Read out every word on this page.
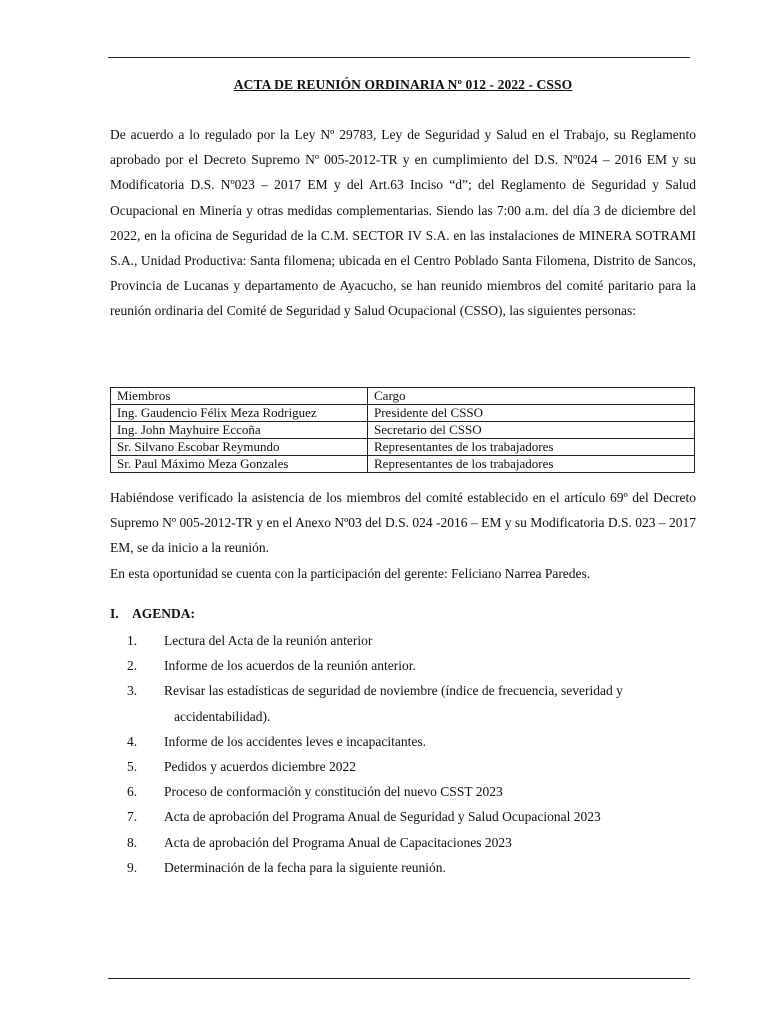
ACTA DE REUNIÓN ORDINARIA Nº 012 - 2022 - CSSO

De acuerdo a lo regulado por la Ley Nº 29783, Ley de Seguridad y Salud en el Trabajo, su Reglamento aprobado por el Decreto Supremo Nº 005-2012-TR y en cumplimiento del D.S. Nº024 – 2016 EM y su Modificatoria D.S. Nº023 – 2017 EM y del Art.63 Inciso “d”; del Reglamento de Seguridad y Salud Ocupacional en Minería y otras medidas complementarias. Siendo las 7:00 a.m. del día 3 de diciembre del 2022, en la oficina de Seguridad de la C.M. SECTOR IV S.A. en las instalaciones de MINERA SOTRAMI S.A., Unidad Productiva: Santa filomena; ubicada en el Centro Poblado Santa Filomena, Distrito de Sancos, Provincia de Lucanas y departamento de Ayacucho, se han reunido miembros del comité paritario para la reunión ordinaria del Comité de Seguridad y Salud Ocupacional (CSSO), las siguientes personas:

Miembros	Cargo
Ing. Gaudencio Félix Meza Rodriguez	Presidente del CSSO
Ing. John Mayhuire Eccoña	Secretario del CSSO
Sr. Silvano Escobar Reymundo	Representantes de los trabajadores
Sr. Paul Máximo Meza Gonzales	Representantes de los trabajadores

Habiéndose verificado la asistencia de los miembros del comité establecido en el artículo 69º del Decreto Supremo Nº 005-2012-TR y en el Anexo Nº03 del D.S. 024 -2016 – EM y su Modificatoria D.S. 023 – 2017 EM, se da inicio a la reunión.

En esta oportunidad se cuenta con la participación del gerente: Feliciano Narrea Paredes.

I. AGENDA:
1. Lectura del Acta de la reunión anterior
2. Informe de los acuerdos de la reunión anterior.
3. Revisar las estadísticas de seguridad de noviembre (índice de frecuencia, severidad y
accidentabilidad).
4. Informe de los accidentes leves e incapacitantes.
5. Pedidos y acuerdos diciembre 2022
6. Proceso de conformación y constitución del nuevo CSST 2023
7. Acta de aprobación del Programa Anual de Seguridad y Salud Ocupacional 2023
8. Acta de aprobación del Programa Anual de Capacitaciones 2023
9. Determinación de la fecha para la siguiente reunión.
